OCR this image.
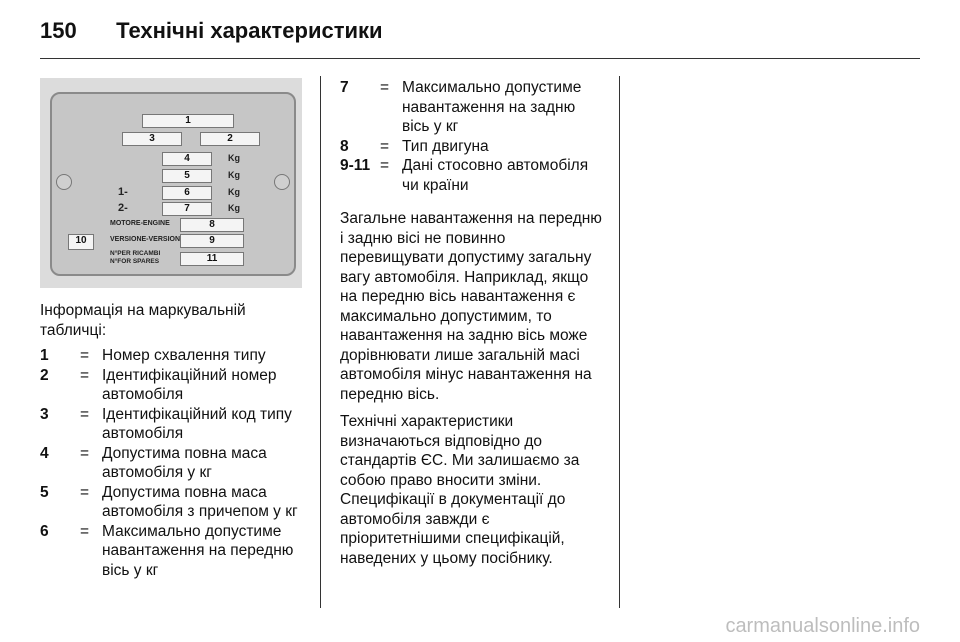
150 Технічні характеристики
1
3	2
4	Kg
5	Kg
1-	6	Kg
2-	7	Kg
MOTORE-ENGINE	8
VERSIONE-VERSION	9
10
N°PER RICAMBI
N°FOR SPARES	11

Інформація на маркувальній табличці:

1	= Номер схвалення типу
2	= Ідентифікаційний номер автомобіля
3	= Ідентифікаційний код типу автомобіля
4	= Допустима повна маса автомобіля у кг
5	= Допустима повна маса автомобіля з причепом у кг
6	= Максимально допустиме навантаження на передню вісь у кг
7	= Максимально допустиме навантаження на задню вісь у кг
8	= Тип двигуна
9-11 = Дані стосовно автомобіля чи країни

Загальне навантаження на передню і задню вісі не повинно перевищувати допустиму загальну вагу автомобіля. Наприклад, якщо на передню вісь навантаження є максимально допустимим, то навантаження на задню вісь може дорівнювати лише загальній масі автомобіля мінус навантаження на передню вісь.

Технічні характеристики визначаються відповідно до стандартів ЄС. Ми залишаємо за собою право вносити зміни. Специфікації в документації до автомобіля завжди є пріоритетнішими специфікацій, наведених у цьому посібнику.

carmanualsonline.info
